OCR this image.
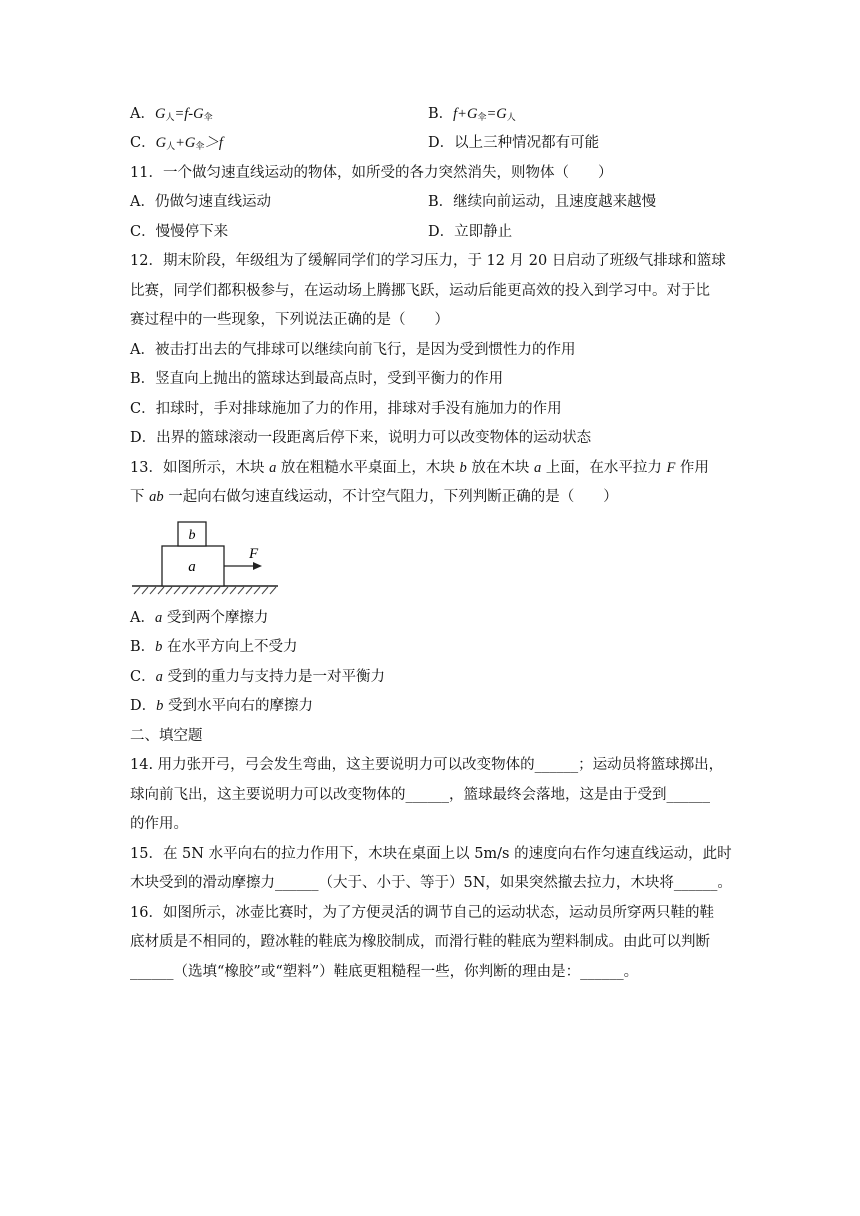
A．$G_人=f-G_伞$	B．$f+G_伞=G_人$
C．$G_人+G_伞>f$	D．以上三种情况都有可能
11．一个做匀速直线运动的物体，如所受的各力突然消失，则物体（　　）
A．仍做匀速直线运动	B．继续向前运动，且速度越来越慢
C．慢慢停下来	D．立即静止
12．期末阶段，年级组为了缓解同学们的学习压力，于 12 月 20 日启动了班级气排球和篮球
比赛，同学们都积极参与，在运动场上腾挪飞跃，运动后能更高效的投入到学习中。对于比
赛过程中的一些现象，下列说法正确的是（　　）
A．被击打出去的气排球可以继续向前飞行，是因为受到惯性力的作用
B．竖直向上抛出的篮球达到最高点时，受到平衡力的作用
C．扣球时，手对排球施加了力的作用，排球对手没有施加力的作用
D．出界的篮球滚动一段距离后停下来，说明力可以改变物体的运动状态
13．如图所示，木块 a 放在粗糙水平桌面上，木块 b 放在木块 a 上面，在水平拉力 F 作用
下 ab 一起向右做匀速直线运动，不计空气阻力，下列判断正确的是（　　）
a
b
F
A．a 受到两个摩擦力
B．b 在水平方向上不受力
C．a 受到的重力与支持力是一对平衡力
D．b 受到水平向右的摩擦力
二、填空题
14. 用力张开弓，弓会发生弯曲，这主要说明力可以改变物体的______；运动员将篮球掷出，
球向前飞出，这主要说明力可以改变物体的______，篮球最终会落地，这是由于受到______
的作用。
15．在 5N 水平向右的拉力作用下，木块在桌面上以 5m/s 的速度向右作匀速直线运动，此时
木块受到的滑动摩擦力______（大于、小于、等于）5N，如果突然撤去拉力，木块将______。
16．如图所示，冰壶比赛时，为了方便灵活的调节自己的运动状态，运动员所穿两只鞋的鞋
底材质是不相同的，蹬冰鞋的鞋底为橡胶制成，而滑行鞋的鞋底为塑料制成。由此可以判断
______（选填“橡胶”或“塑料”）鞋底更粗糙程一些，你判断的理由是：______。
